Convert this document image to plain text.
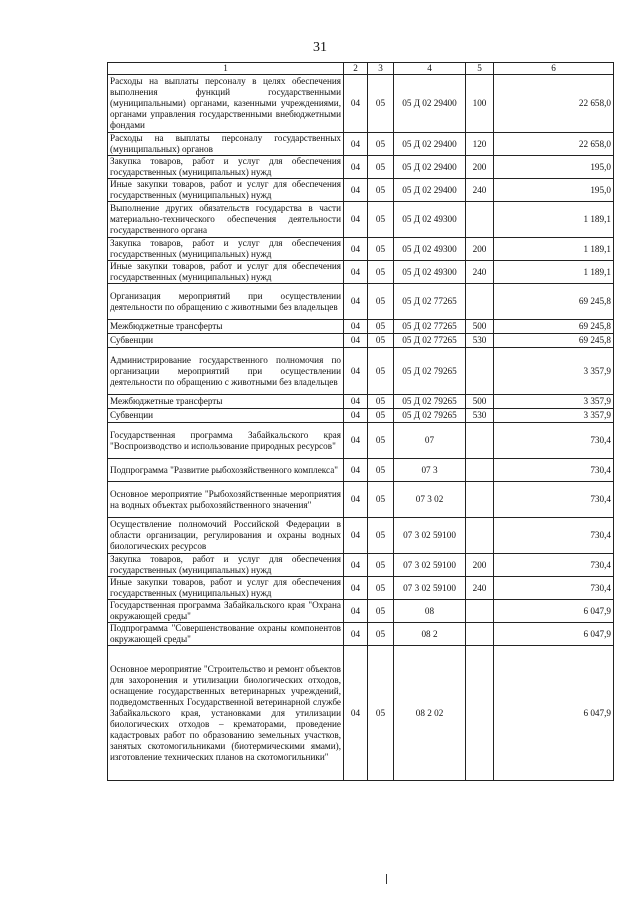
31
1	2	3	4	5	6
Расходы на выплаты персоналу в целях обеспечения выполнения функций государственными (муниципальными) органами, казенными учреждениями, органами управления государственными внебюджетными фондами	04	05	05 Д 02 29400	100	22 658,0
Расходы на выплаты персоналу государственных (муниципальных) органов	04	05	05 Д 02 29400	120	22 658,0
Закупка товаров, работ и услуг для обеспечения государственных (муниципальных) нужд	04	05	05 Д 02 29400	200	195,0
Иные закупки товаров, работ и услуг для обеспечения государственных (муниципальных) нужд	04	05	05 Д 02 29400	240	195,0
Выполнение других обязательств государства в части материально-технического обеспечения деятельности государственного органа	04	05	05 Д 02 49300		1 189,1
Закупка товаров, работ и услуг для обеспечения государственных (муниципальных) нужд	04	05	05 Д 02 49300	200	1 189,1
Иные закупки товаров, работ и услуг для обеспечения государственных (муниципальных) нужд	04	05	05 Д 02 49300	240	1 189,1
Организация мероприятий при осуществлении деятельности по обращению с животными без владельцев	04	05	05 Д 02 77265		69 245,8
Межбюджетные трансферты	04	05	05 Д 02 77265	500	69 245,8
Субвенции	04	05	05 Д 02 77265	530	69 245,8
Администрирование государственного полномочия по организации мероприятий при осуществлении деятельности по обращению с животными без владельцев	04	05	05 Д 02 79265		3 357,9
Межбюджетные трансферты	04	05	05 Д 02 79265	500	3 357,9
Субвенции	04	05	05 Д 02 79265	530	3 357,9
Государственная программа Забайкальского края "Воспроизводство и использование природных ресурсов"	04	05	07		730,4
Подпрограмма "Развитие рыбохозяйственного комплекса"	04	05	07 3		730,4
Основное мероприятие "Рыбохозяйственные мероприятия на водных объектах рыбохозяйственного значения"	04	05	07 3 02		730,4
Осуществление полномочий Российской Федерации в области организации, регулирования и охраны водных биологических ресурсов	04	05	07 3 02 59100		730,4
Закупка товаров, работ и услуг для обеспечения государственных (муниципальных) нужд	04	05	07 3 02 59100	200	730,4
Иные закупки товаров, работ и услуг для обеспечения государственных (муниципальных) нужд	04	05	07 3 02 59100	240	730,4
Государственная программа Забайкальского края "Охрана окружающей среды"	04	05	08		6 047,9
Подпрограмма "Совершенствование охраны компонентов окружающей среды"	04	05	08 2		6 047,9
Основное мероприятие "Строительство и ремонт объектов для захоронения и утилизации биологических отходов, оснащение государственных ветеринарных учреждений, подведомственных Государственной ветеринарной службе Забайкальского края, установками для утилизации биологических отходов – крематорами, проведение кадастровых работ по образованию земельных участков, занятых скотомогильниками (биотермическими ямами), изготовление технических планов на скотомогильники"	04	05	08 2 02		6 047,9
